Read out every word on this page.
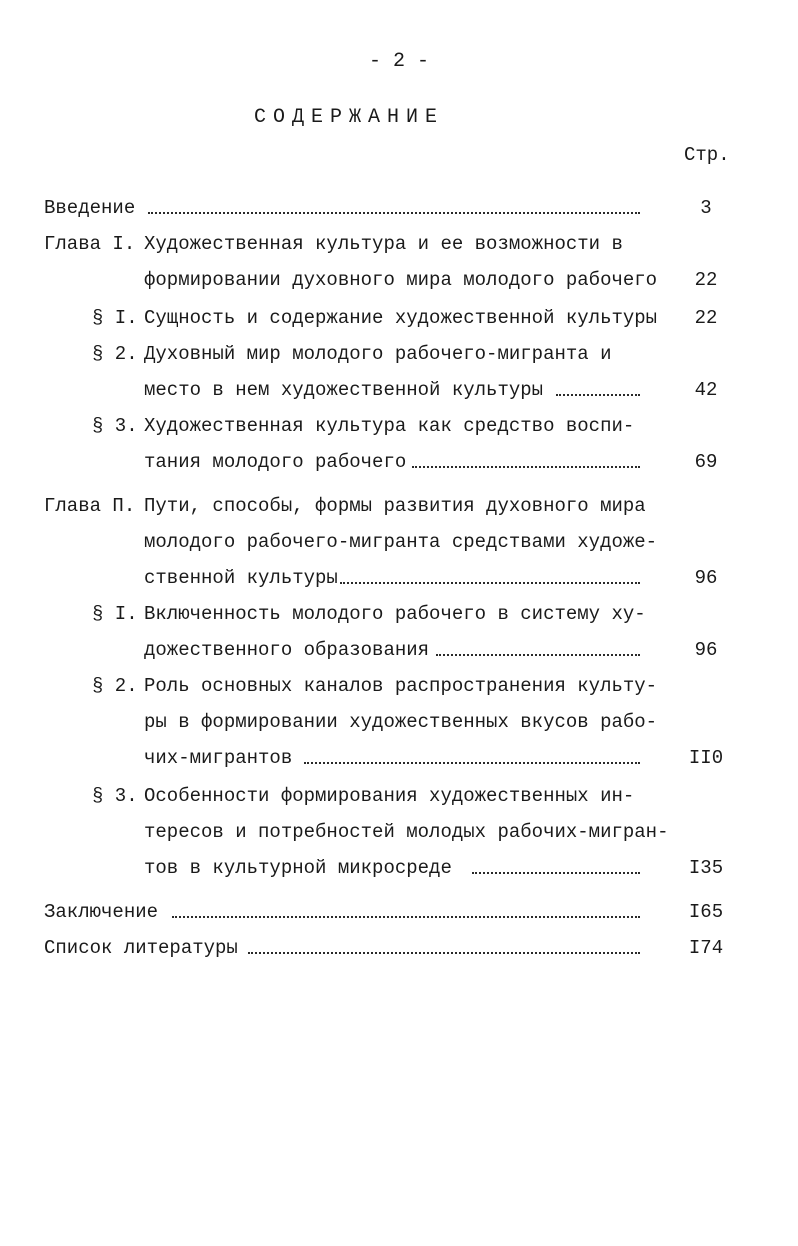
- 2 -
СОДЕРЖАНИЕ
Стр.
Введение	3
Глава I. Художественная культура и ее возможности в
формировании духовного мира молодого рабочего	22
§ I. Сущность и содержание художественной культуры	22
§ 2. Духовный мир молодого рабочего-мигранта и
место в нем художественной культуры	42
§ 3. Художественная культура как средство воспи-
тания молодого рабочего	69
Глава П. Пути, способы, формы развития духовного мира
молодого рабочего-мигранта средствами художе-
ственной культуры	96
§ I. Включенность молодого рабочего в систему ху-
дожественного образования	96
§ 2. Роль основных каналов распространения культу-
ры в формировании художественных вкусов рабо-
чих-мигрантов	II0
§ 3. Особенности формирования художественных ин-
тересов и потребностей молодых рабочих-мигран-
тов в культурной микросреде	I35
Заключение	I65
Список литературы	I74
